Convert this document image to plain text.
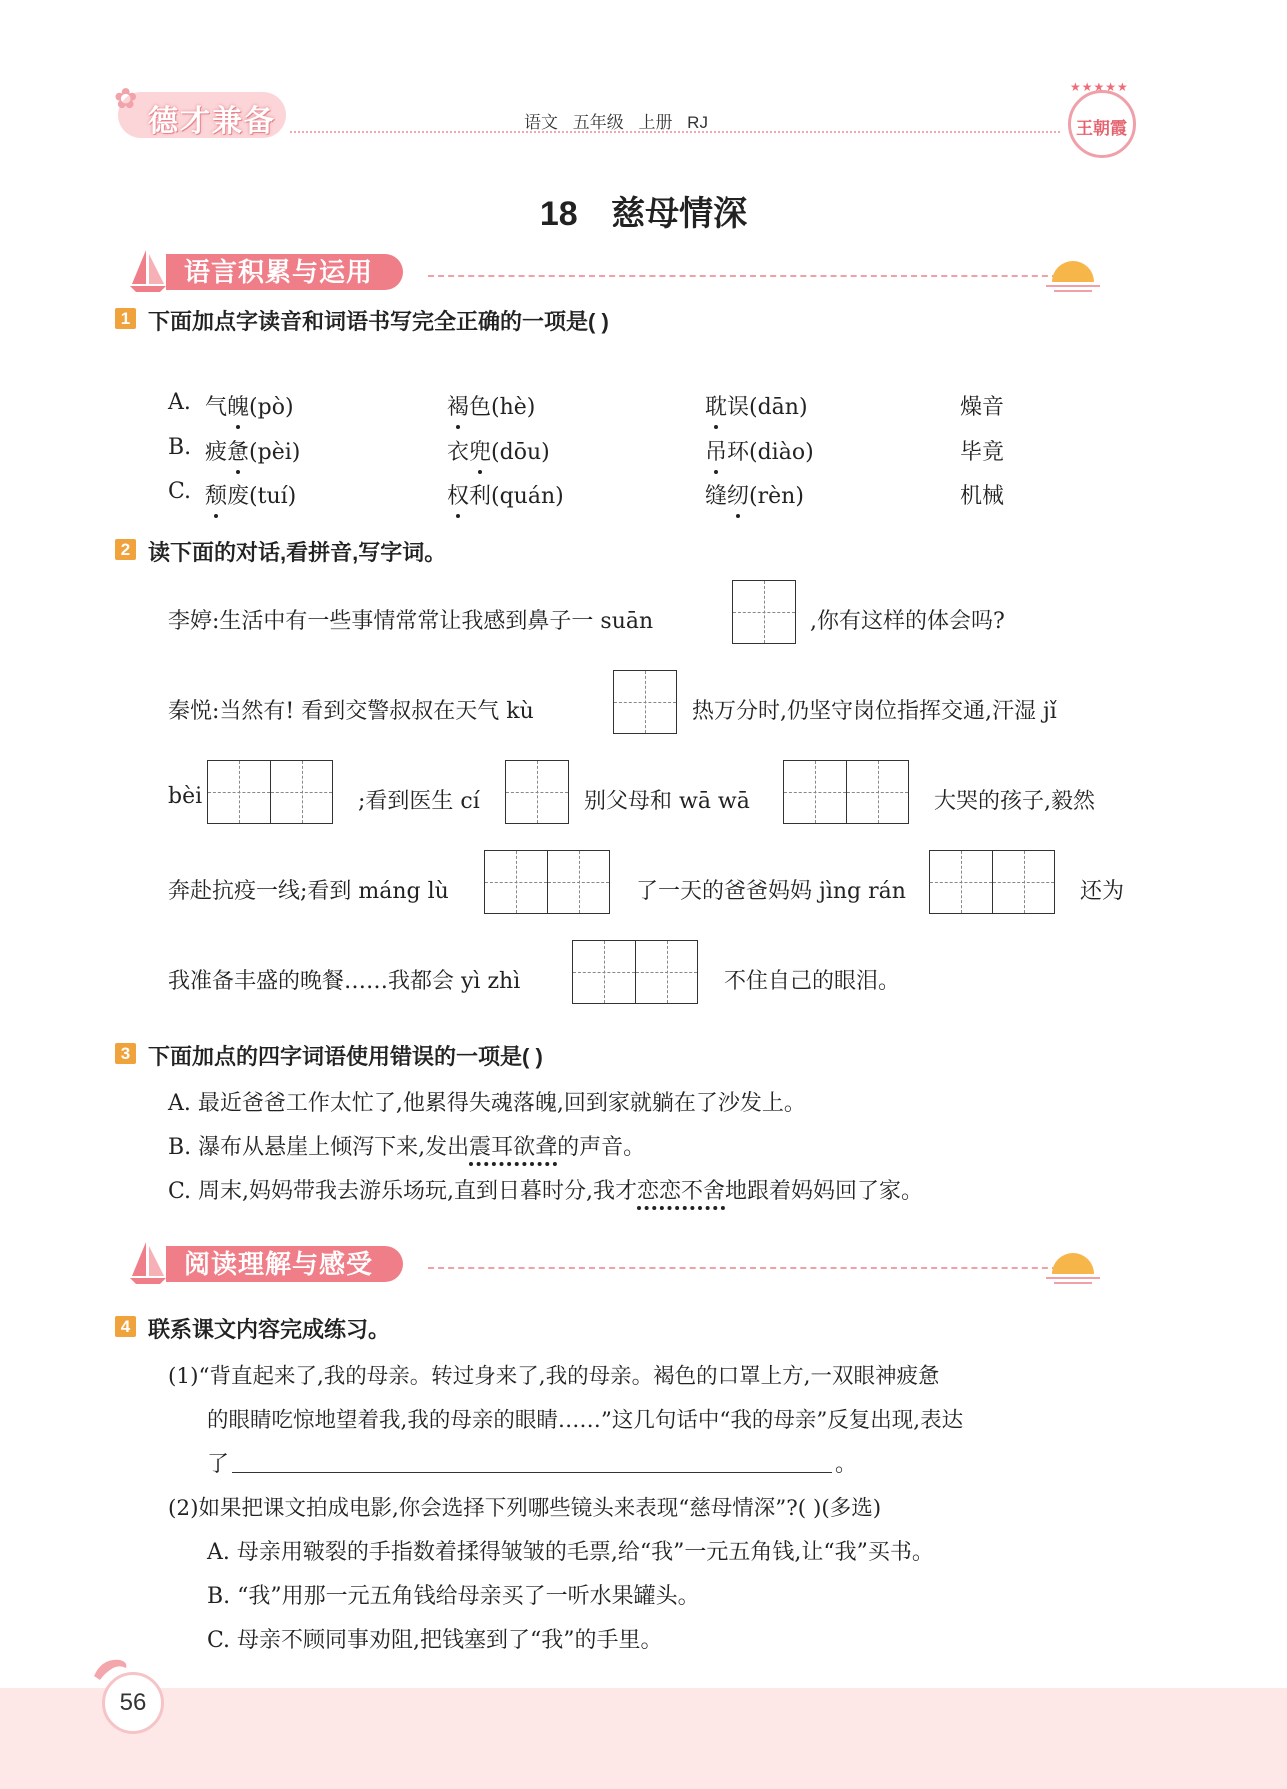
✿
德才兼备	语文 五年级 上册 RJ
★★★★★
王朝霞
18 慈母情深
语言积累与运用
1 下面加点字读音和词语书写完全正确的一项是( )
A. 气魄(pò)	褐色(hè)	耽误(dān)	燥音
B. 疲惫(pèi)	衣兜(dōu)	吊环(diào)	毕竟
C. 颓废(tuí)	权利(quán)	缝纫(rèn)	机械
2 读下面的对话,看拼音,写字词。
李婷:生活中有一些事情常常让我感到鼻子一 suān	,你有这样的体会吗?
秦悦:当然有! 看到交警叔叔在天气 kù	热万分时,仍坚守岗位指挥交通,汗湿 jǐ
bèi	;看到医生 cí	别父母和 wā wā	大哭的孩子,毅然
奔赴抗疫一线;看到 máng lù	了一天的爸爸妈妈 jìng rán	还为
我准备丰盛的晚餐……我都会 yì zhì	不住自己的眼泪。
3 下面加点的四字词语使用错误的一项是( )
A. 最近爸爸工作太忙了,他累得失魂落魄,回到家就躺在了沙发上。
B. 瀑布从悬崖上倾泻下来,发出震耳欲聋的声音。
C. 周末,妈妈带我去游乐场玩,直到日暮时分,我才恋恋不舍地跟着妈妈回了家。
阅读理解与感受
4 联系课文内容完成练习。
(1)“背直起来了,我的母亲。转过身来了,我的母亲。褐色的口罩上方,一双眼神疲惫
的眼睛吃惊地望着我,我的母亲的眼睛……”这几句话中“我的母亲”反复出现,表达
了	。
(2)如果把课文拍成电影,你会选择下列哪些镜头来表现“慈母情深”?( )(多选)
A. 母亲用皲裂的手指数着揉得皱皱的毛票,给“我”一元五角钱,让“我”买书。
B. “我”用那一元五角钱给母亲买了一听水果罐头。
C. 母亲不顾同事劝阻,把钱塞到了“我”的手里。
56
